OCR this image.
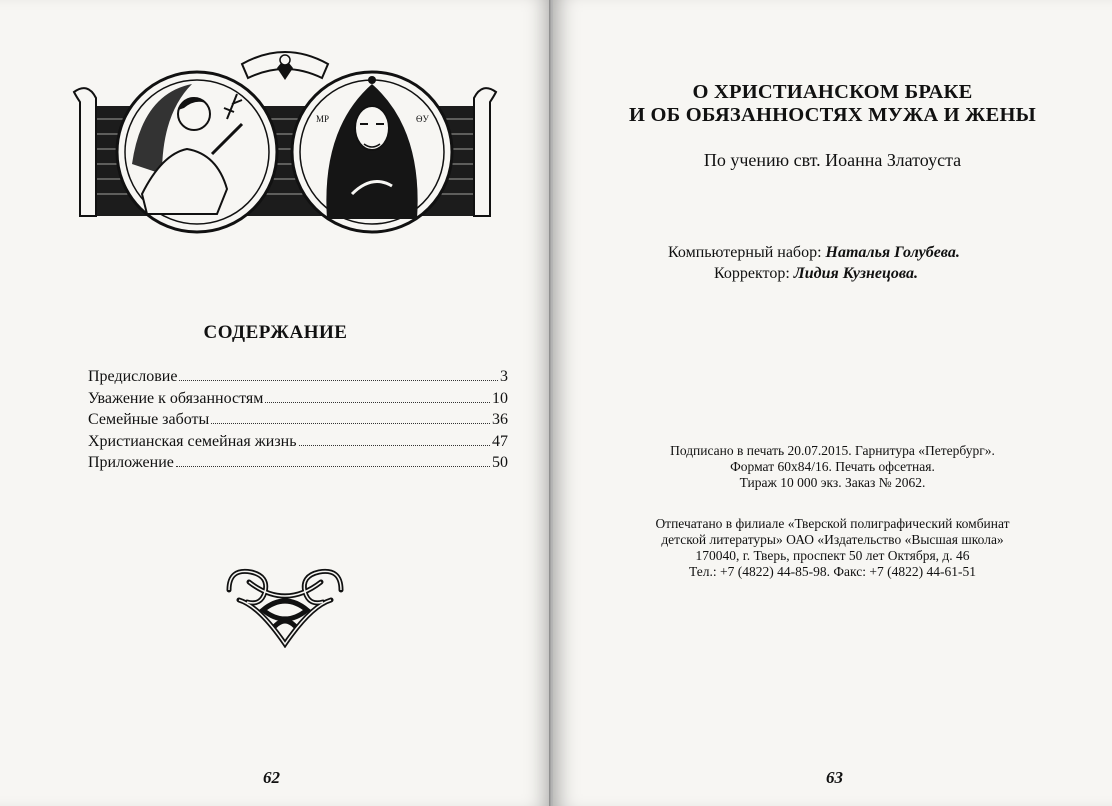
МР	ѲУ
СОДЕРЖАНИЕ
Предисловие	3
Уважение к обязанностям	10
Семейные заботы	36
Христианская семейная жизнь	47
Приложение	50
62
О ХРИСТИАНСКОМ БРАКЕ
И ОБ ОБЯЗАННОСТЯХ МУЖА И ЖЕНЫ
По учению свт. Иоанна Златоуста
Компьютерный набор: Наталья Голубева.
Корректор: Лидия Кузнецова.
Подписано в печать 20.07.2015. Гарнитура «Петербург».
Формат 60х84/16. Печать офсетная.
Тираж 10 000 экз. Заказ № 2062.
Отпечатано в филиале «Тверской полиграфический комбинат
детской литературы» ОАО «Издательство «Высшая школа»
170040, г. Тверь, проспект 50 лет Октября, д. 46
Тел.: +7 (4822) 44-85-98. Факс: +7 (4822) 44-61-51
63
